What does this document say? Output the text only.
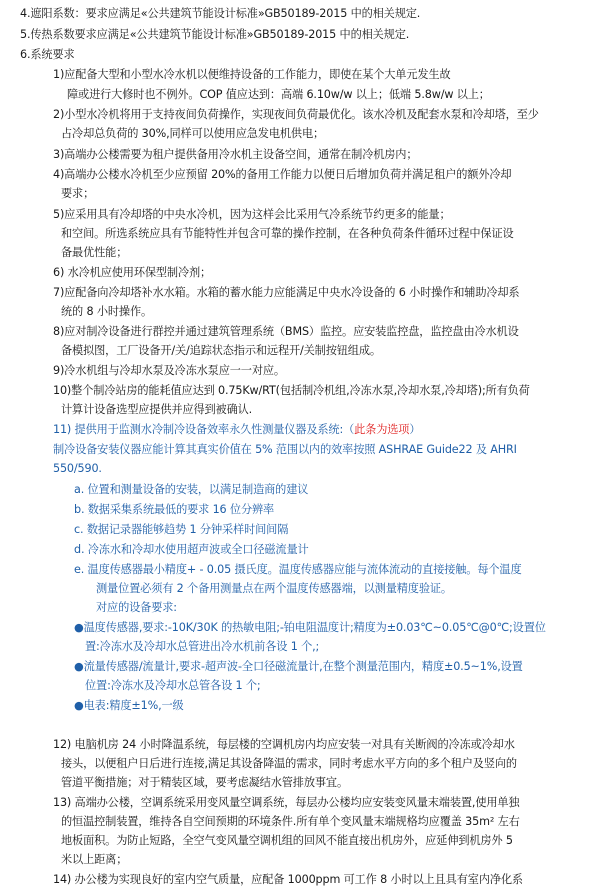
4.遮阳系数：要求应满足«公共建筑节能设计标准»GB50189-2015 中的相关规定.
5.传热系数要求应满足«公共建筑节能设计标准»GB50189-2015 中的相关规定.
6.系统要求
1)应配备大型和小型水冷水机以便维持设备的工作能力，即使在某个大单元发生故
障或进行大修时也不例外。COP 值应达到：高端 6.10w/w 以上；低端 5.8w/w 以上；
2)小型水冷机将用于支持夜间负荷操作，实现夜间负荷最优化。该水冷机及配套水泵和冷却塔，至少
占冷却总负荷的 30%,同样可以使用应急发电机供电；
3)高端办公楼需要为租户提供备用冷水机主设备空间，通常在制冷机房内；
4)高端办公楼水冷机至少应预留 20%的备用工作能力以便日后增加负荷并满足租户的额外冷却
要求；
5)应采用具有冷却塔的中央水冷机，因为这样会比采用气冷系统节约更多的能量；
和空间。所选系统应具有节能特性并包含可靠的操作控制，在各种负荷条件循环过程中保证设
备最优性能；
6) 水冷机应使用环保型制冷剂；
7)应配备向冷却塔补水水箱。水箱的蓄水能力应能满足中央水冷设备的 6 小时操作和辅助冷却系
统的 8 小时操作。
8)应对制冷设备进行群控并通过建筑管理系统（BMS）监控。应安装监控盘，监控盘由冷水机设
备模拟图，工厂设备开/关/追踪状态指示和远程开/关制按钮组成。
9)冷水机组与冷却水泵及冷冻水泵应一一对应。
10)整个制冷站房的能耗值应达到 0.75Kw/RT(包括制冷机组,冷冻水泵,冷却水泵,冷却塔);所有负荷
计算计设备选型应提供并应得到被确认.
11) 提供用于监测水冷制冷设备效率永久性测量仪器及系统:（此条为选项）
制冷设备安装仪器应能计算其真实价值在 5% 范围以内的效率按照 ASHRAE Guide22 及 AHRI
550/590.
a. 位置和测量设备的安装，以满足制造商的建议
b. 数据采集系统最低的要求 16 位分辨率
c. 数据记录器能够趋势 1 分钟采样时间间隔
d. 冷冻水和冷却水使用超声波或全口径磁流量计
e. 温度传感器最小精度+ - 0.05 摄氏度。温度传感器应能与流体流动的直接接触。每个温度
测量位置必须有 2 个备用测量点在两个温度传感器端，以测量精度验证。
对应的设备要求:
●温度传感器,要求:-10K/30K 的热敏电阻;-铂电阻温度计;精度为±0.03℃~0.05℃@0℃;设置位
置:冷冻水及冷却水总管进出冷水机前各设 1 个,;
●流量传感器/流量计,要求-超声波-全口径磁流量计,在整个测量范围内，精度±0.5~1%,设置
位置:冷冻水及冷却水总管各设 1 个;
●电表:精度±1%,一级
12) 电脑机房 24 小时降温系统，每层楼的空调机房内均应安装一对具有关断阀的冷冻或冷却水
接头，以便租户日后进行连接,满足其设备降温的需求，同时考虑水平方向的多个租户及竖向的
管道平衡措施；对于精装区域，要考虑凝结水管排放事宜。
13) 高端办公楼，空调系统采用变风量空调系统，每层办公楼均应安装变风量末端装置,使用单独
的恒温控制装置，维持各自空间预期的环境条件.所有单个变风量末端规格均应覆盖 35m² 左右
地板面积。为防止短路，全空气变风量空调机组的回风不能直接出机房外，应延伸到机房外 5
米以上距离；
14) 办公楼为实现良好的室内空气质量，应配备 1000ppm 可工作 8 小时以上且具有室内净化系
